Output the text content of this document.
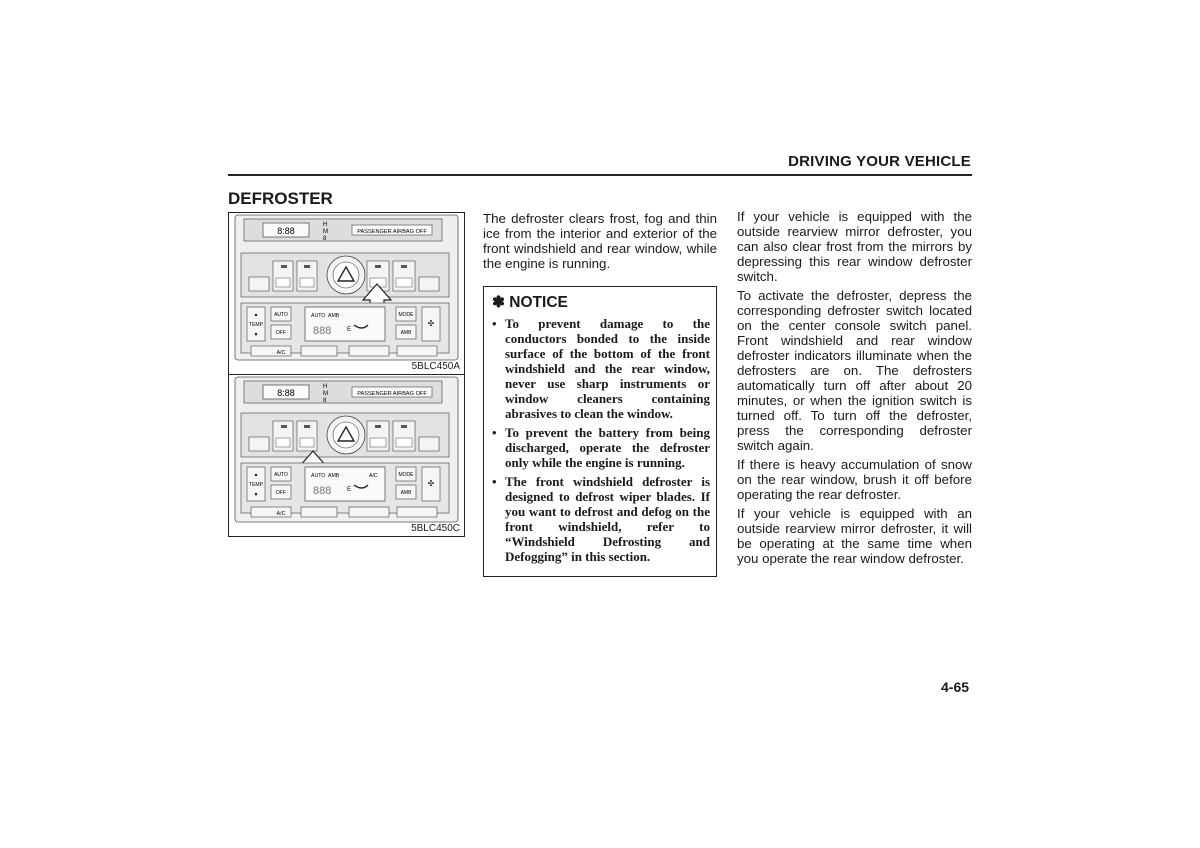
DRIVING YOUR VEHICLE
DEFROSTER
8:88
H
M
8
PASSENGER AIRBAG OFF
▲
TEMP
▼
AUTO
OFF
AUTO AMB
888	E
MODE
AMB
✣
A/C
5BLC450A
8:88
H
M
8
PASSENGER AIRBAG OFF
▲
TEMP
▼
AUTO
OFF
AUTO AMB	A/C
888	E
MODE
AMB
✣
A/C
5BLC450C

The defroster clears frost, fog and thin ice from the interior and exterior of the front windshield and rear window, while the engine is running.

✽ NOTICE
• To prevent damage to the conductors bonded to the inside surface of the bottom of the front windshield and the rear window, never use sharp instruments or window cleaners containing abrasives to clean the window.
• To prevent the battery from being discharged, operate the defroster only while the engine is running.
• The front windshield defroster is designed to defrost wiper blades. If you want to defrost and defog on the front windshield, refer to “Windshield Defrosting and Defogging” in this section.

If your vehicle is equipped with the outside rearview mirror defroster, you can also clear frost from the mirrors by depressing this rear window defroster switch.

To activate the defroster, depress the corresponding defroster switch located on the center console switch panel. Front windshield and rear window defroster indicators illuminate when the defrosters are on. The defrosters automatically turn off after about 20 minutes, or when the ignition switch is turned off. To turn off the defroster, press the corresponding defroster switch again.

If there is heavy accumulation of snow on the rear window, brush it off before operating the rear defroster.

If your vehicle is equipped with an outside rearview mirror defroster, it will be operating at the same time when you operate the rear window defroster.

4-65
